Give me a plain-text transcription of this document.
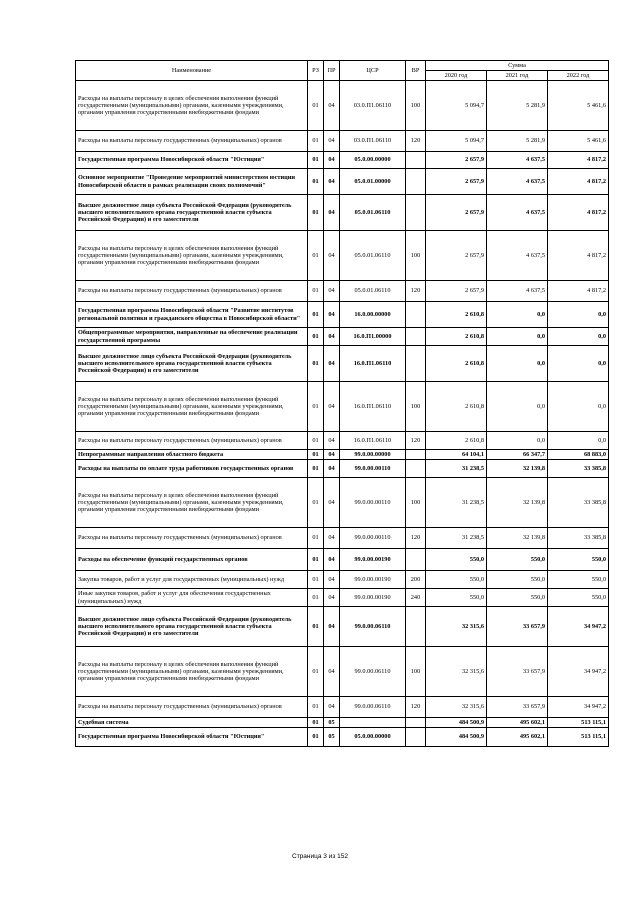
Наименование	РЗ	ПР	ЦСР	ВР	Сумма		
					2020 год	2021 год	2022 год
Расходы на выплаты персоналу в целях обеспечения выполнения функций государственными (муниципальными) органами, казенными учреждениями, органами управления государственными внебюджетными фондами	01	04	03.0.П1.06110	100	5 094,7	5 281,9	5 461,6
Расходы на выплаты персоналу государственных (муниципальных) органов	01	04	03.0.П1.06110	120	5 094,7	5 281,9	5 461,6
Государственная программа Новосибирской области "Юстиция"	01	04	05.0.00.00000		2 657,9	4 637,5	4 817,2
Основное мероприятие "Проведение мероприятий министерством юстиции Новосибирской области в рамках реализации своих полномочий"	01	04	05.0.01.00000		2 657,9	4 637,5	4 817,2
Высшее должностное лицо субъекта Российской Федерации (руководитель высшего исполнительного органа государственной власти субъекта Российской Федерации) и его заместители	01	04	05.0.01.06110		2 657,9	4 637,5	4 817,2
Расходы на выплаты персоналу в целях обеспечения выполнения функций государственными (муниципальными) органами, казенными учреждениями, органами управления государственными внебюджетными фондами	01	04	05.0.01.06110	100	2 657,9	4 637,5	4 817,2
Расходы на выплаты персоналу государственных (муниципальных) органов	01	04	05.0.01.06110	120	2 657,9	4 637,5	4 817,2
Государственная программа Новосибирской области "Развитие институтов региональной политики и гражданского общества в Новосибирской области"	01	04	16.0.00.00000		2 610,8	0,0	0,0
Общепрограммные мероприятия, направленные на обеспечение реализации государственной программы	01	04	16.0.П1.00000		2 610,8	0,0	0,0
Высшее должностное лицо субъекта Российской Федерации (руководитель высшего исполнительного органа государственной власти субъекта Российской Федерации) и его заместители	01	04	16.0.П1.06110		2 610,8	0,0	0,0
Расходы на выплаты персоналу в целях обеспечения выполнения функций государственными (муниципальными) органами, казенными учреждениями, органами управления государственными внебюджетными фондами	01	04	16.0.П1.06110	100	2 610,8	0,0	0,0
Расходы на выплаты персоналу государственных (муниципальных) органов	01	04	16.0.П1.06110	120	2 610,8	0,0	0,0
Непрограммные направления областного бюджета	01	04	99.0.00.00000		64 104,1	66 347,7	68 883,0
Расходы на выплаты по оплате труда работников государственных органов	01	04	99.0.00.00110		31 238,5	32 139,8	33 385,8
Расходы на выплаты персоналу в целях обеспечения выполнения функций государственными (муниципальными) органами, казенными учреждениями, органами управления государственными внебюджетными фондами	01	04	99.0.00.00110	100	31 238,5	32 139,8	33 385,8
Расходы на выплаты персоналу государственных (муниципальных) органов	01	04	99.0.00.00110	120	31 238,5	32 139,8	33 385,8
Расходы на обеспечение функций государственных органов	01	04	99.0.00.00190		550,0	550,0	550,0
Закупка товаров, работ и услуг для государственных (муниципальных) нужд	01	04	99.0.00.00190	200	550,0	550,0	550,0
Иные закупки товаров, работ и услуг для обеспечения государственных (муниципальных) нужд	01	04	99.0.00.00190	240	550,0	550,0	550,0
Высшее должностное лицо субъекта Российской Федерации (руководитель высшего исполнительного органа государственной власти субъекта Российской Федерации) и его заместители	01	04	99.0.00.06110		32 315,6	33 657,9	34 947,2
Расходы на выплаты персоналу в целях обеспечения выполнения функций государственными (муниципальными) органами, казенными учреждениями, органами управления государственными внебюджетными фондами	01	04	99.0.00.06110	100	32 315,6	33 657,9	34 947,2
Расходы на выплаты персоналу государственных (муниципальных) органов	01	04	99.0.00.06110	120	32 315,6	33 657,9	34 947,2
Судебная система	01	05			484 500,9	495 602,1	513 115,1
Государственная программа Новосибирской области "Юстиция"	01	05	05.0.00.00000		484 500,9	495 602,1	513 115,1
Страница 3 из 152
